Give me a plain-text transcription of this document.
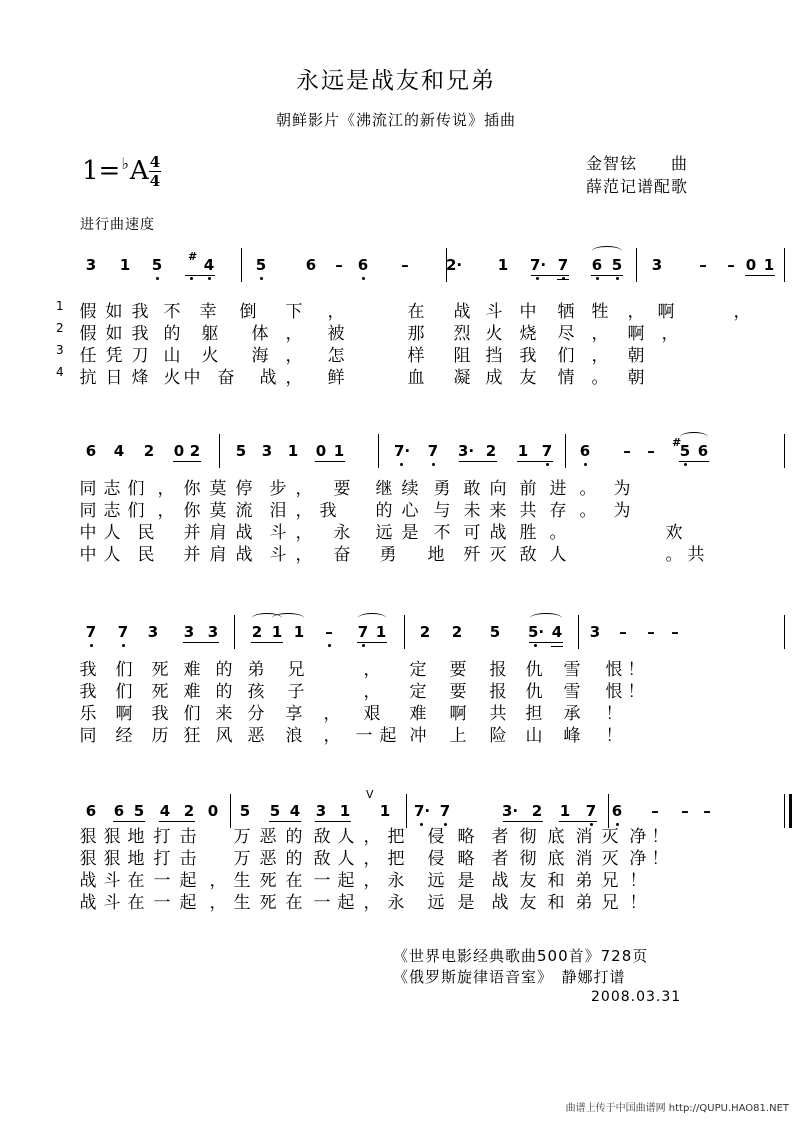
永远是战友和兄弟
朝鲜影片《沸流江的新传说》插曲
1=♭A 4
4
金智铉　　曲
薛范记谱配歌
进行曲速度
1
2
3
4
3 1 5 # 4	5	6 – 6 – 2· 1 7· 7 6 5 3 – – 0 1
假 如 我 不 幸 倒 下 ，	在 战 斗 中 牺 牲 ， 啊	，
假 如 我 的 躯 体 ， 被	那 烈 火 烧 尽 ， 啊 ，
任 凭 刀 山 火 海 ， 怎	样 阻 挡 我 们 ， 朝
抗 日 烽 火 中 奋 战 ， 鲜	血 凝 成 友 情 。 朝
6 4 2 0 2 5 3 1 0 1	7· 7 3· 2 1 7 6 – – #
5 6
同 志 们 ， 你 莫 停 步 ， 要 继 续 勇 敢 向 前 进 。 为
同 志 们 ， 你 莫 流 泪 ， 我 的 心 与 未 来 共 存 。 为
中 人 民 并 肩 战 斗 ， 永 远 是 不 可 战 胜 。	欢
中 人 民 并 肩 战 斗 ， 奋 勇 地 歼 灭 敌 人	。 共
7 7 3 3 3 2 1 1 – 7 1 2 2 5 5· 4 3 – – –
我 们 死 难 的 弟 兄	， 定 要 报 仇 雪 恨 ！
我 们 死 难 的 孩 子	， 定 要 报 仇 雪 恨 ！
乐 啊 我 们 来 分 享 ， 艰 难 啊 共 担 承 ！
同 经 历 狂 风 恶 浪 ， 一 起 冲 上 险 山 峰 ！
6 6 5 4 2 0 5 5 4 3 1
V
1 7· 7	3· 2 1 7 6 – – –
狠 狠 地 打 击 万 恶 的 敌 人 ， 把 侵 略 者 彻 底 消 灭 净 ！
狠 狠 地 打 击 万 恶 的 敌 人 ， 把 侵 略 者 彻 底 消 灭 净 ！
战 斗 在 一 起 ， 生 死 在 一 起 ， 永 远 是 战 友 和 弟 兄 ！
战 斗 在 一 起 ， 生 死 在 一 起 ， 永 远 是 战 友 和 弟 兄 ！
《世界电影经典歌曲500首》728页
《俄罗斯旋律语音室》　静娜打谱
2008.03.31
曲谱上传于中国曲谱网 http://QUPU.HAO81.NET
